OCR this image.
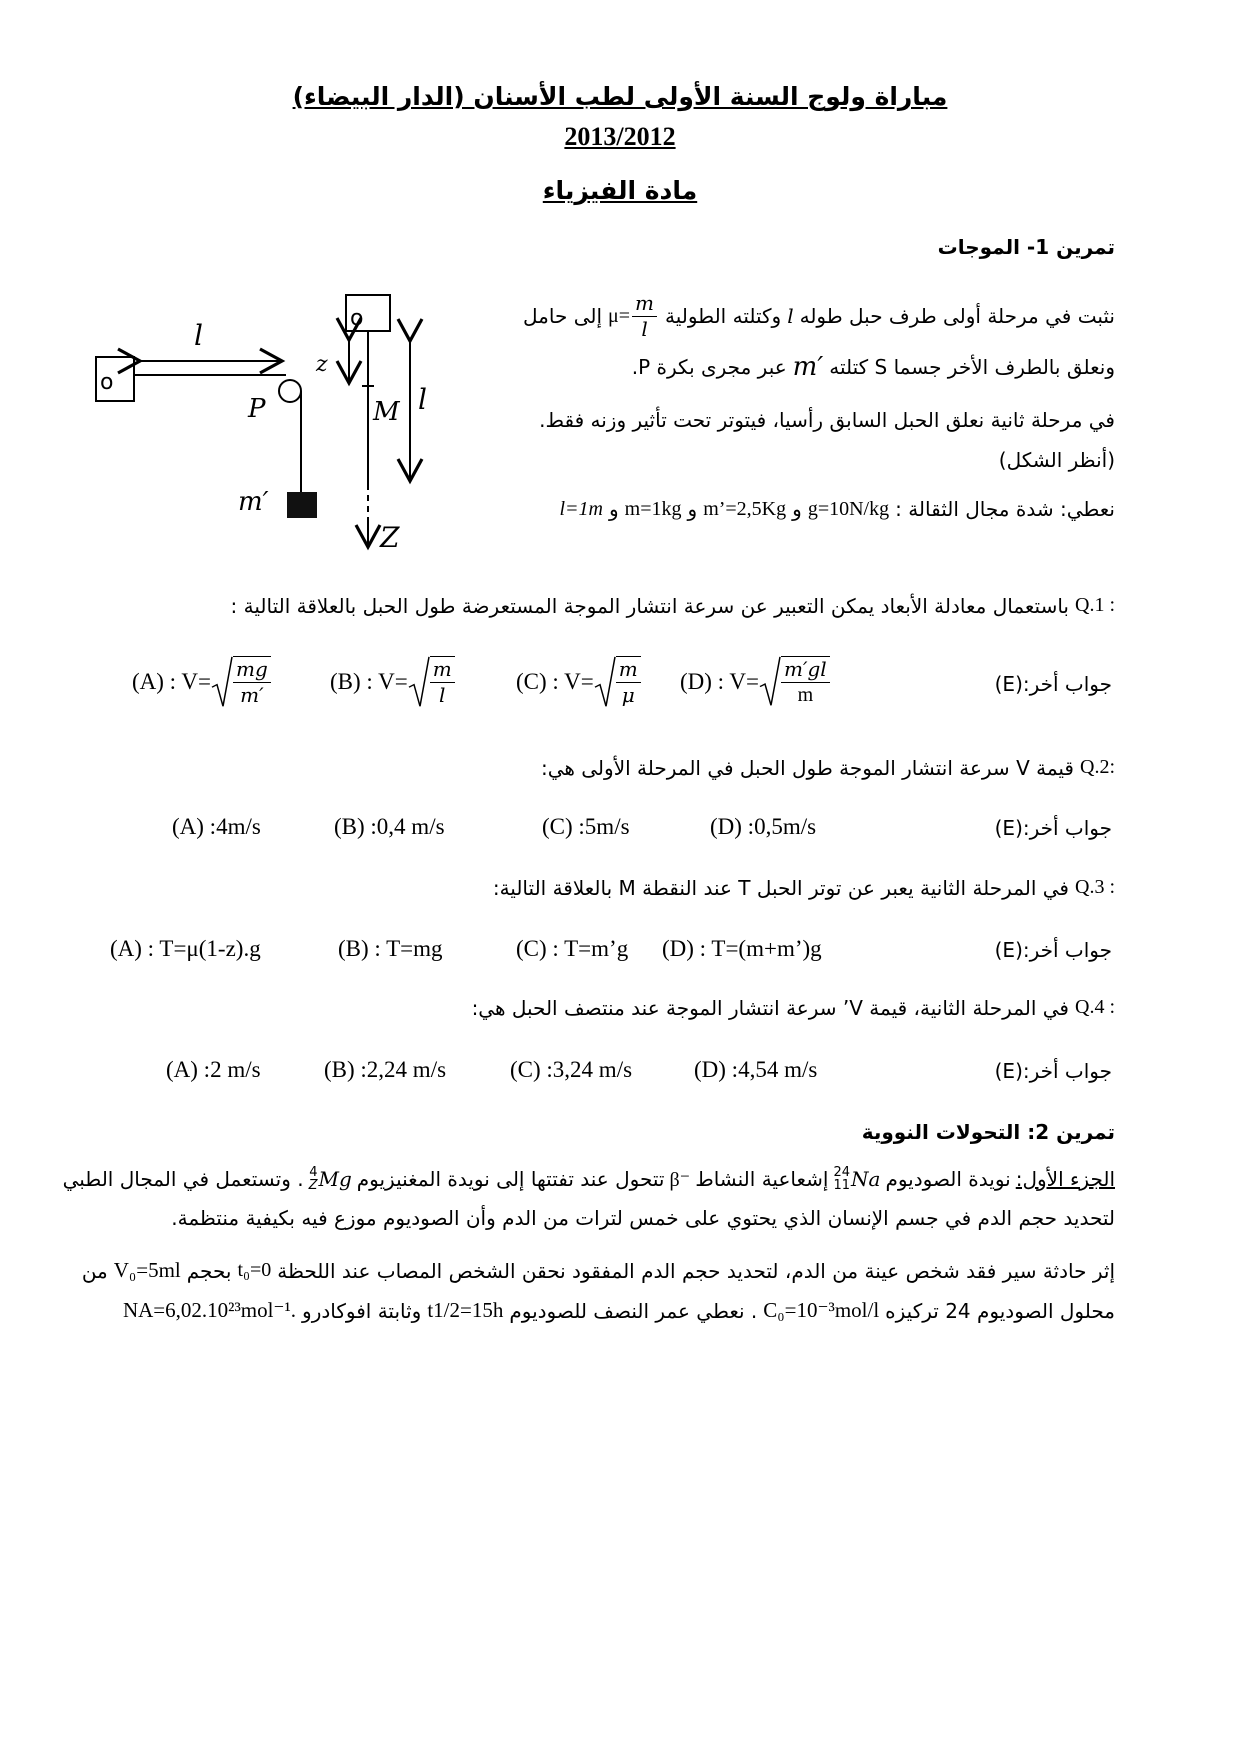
مباراة ولوج السنة الأولى لطب الأسنان (الدار البيضاء)
2013/2012
مادة الفيزياء
تمرين 1- الموجات
o
l
P
m′
o
Z
M
z
l
نثبت في مرحلة أولى طرف حبل طوله
l
وكتلته الطولية
$\mu= \frac{m}{l}$
إلى حامل
ونعلق بالطرف الأخر جسما S كتلته
m′
عبر مجرى بكرة P.
في مرحلة ثانية نعلق الحبل السابق رأسيا، فيتوتر تحت تأثير وزنه فقط.
(أنظر الشكل)
نعطي: شدة مجال الثقالة :
g=10N/kg
و
m’=2,5Kg
و
m=1kg
و
l=1m
Q.1 :
باستعمال معادلة الأبعاد يمكن التعبير عن سرعة انتشار الموجة المستعرضة طول الحبل بالعلاقة التالية :
(A) : $V= \frac{mg}{m'}$	(B) : $V= \frac{m}{l}$	(C) : $V= \frac{m}{\mu} (D)$ : $V= \frac{m'gl}{m}$	جواب أخر:(E)
Q.2:
قيمة V سرعة انتشار الموجة طول الحبل في المرحلة الأولى هي:
(A) :4m/s	(B) :0,4 m/s	(C) :5m/s	(D) :0,5m/s	جواب أخر:(E)
Q.3 :
في المرحلة الثانية يعبر عن توتر الحبل T عند النقطة M بالعلاقة التالية:
(A) : T=μ(1-z).g	(B) : T=mg	(C) : T=m’g (D) : T=(m+m’)g	جواب أخر:(E)
Q.4 :
في المرحلة الثانية، قيمة V’ سرعة انتشار الموجة عند منتصف الحبل هي:
(A) :2 m/s	(B) :2,24 m/s	(C) :3,24 m/s	(D) :4,54 m/s	جواب أخر:(E)
تمرين 2: التحولات النووية
الجزء الأول:
نويدة الصوديوم
24
11 Na
إشعاعية النشاط
β⁻
تتحول عند تفتتها إلى نويدة المغنيزيوم
4
Z Mg
. وتستعمل في المجال الطبي
لتحديد حجم الدم في جسم الإنسان الذي يحتوي على خمس لترات من الدم وأن الصوديوم موزع فيه بكيفية منتظمة.
إثر حادثة سير فقد شخص عينة من الدم، لتحديد حجم الدم المفقود نحقن الشخص المصاب عند اللحظة
t₀=0
بحجم
V₀=5ml
من
محلول الصوديوم 24 تركيزه
C₀=10⁻³mol/l
. نعطي عمر النصف للصوديوم
t1/2=15h
وثابتة افوكادرو
NA=6,02.10²³mol⁻¹.
